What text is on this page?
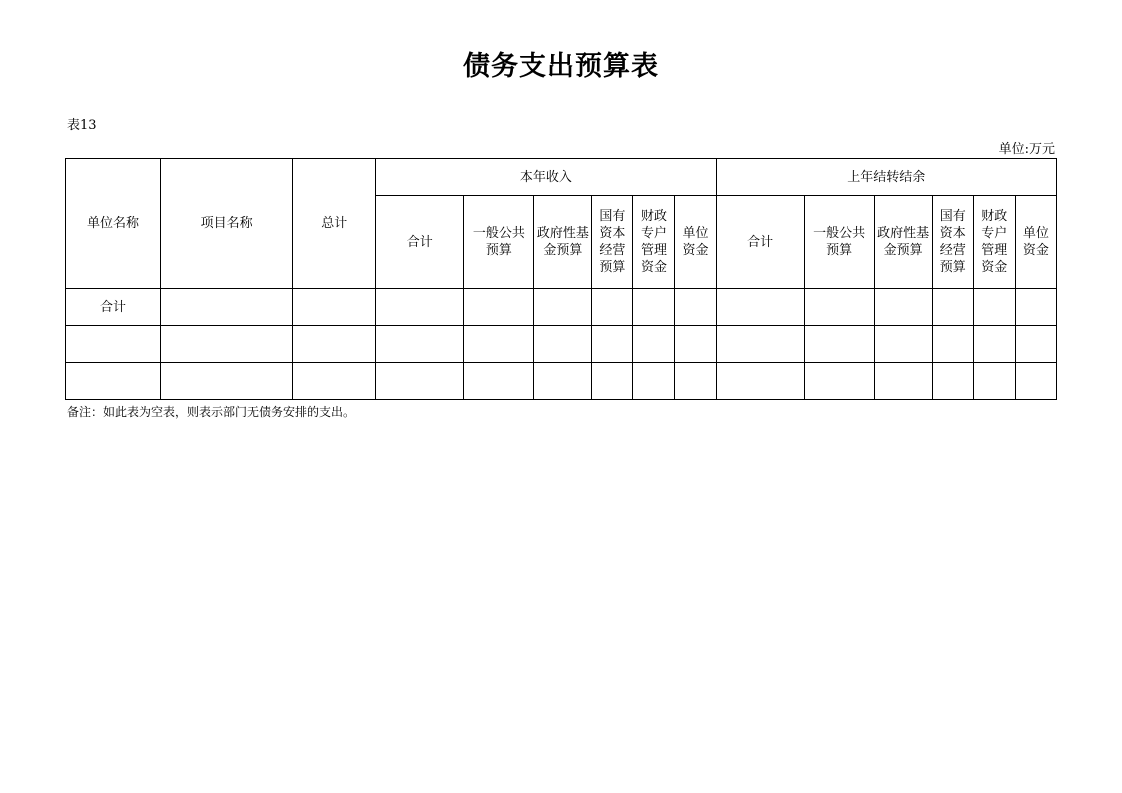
债务支出预算表
表13
单位:万元
单位名称	项目名称	总计	本年收入						上年结转结余					
			合计	一般公共预算	政府性基金预算	国有资本经营预算	财政专户管理资金	单位资金	合计	一般公共预算	政府性基金预算	国有资本经营预算	财政专户管理资金	单位资金

合计														

备注：如此表为空表，则表示部门无债务安排的支出。
